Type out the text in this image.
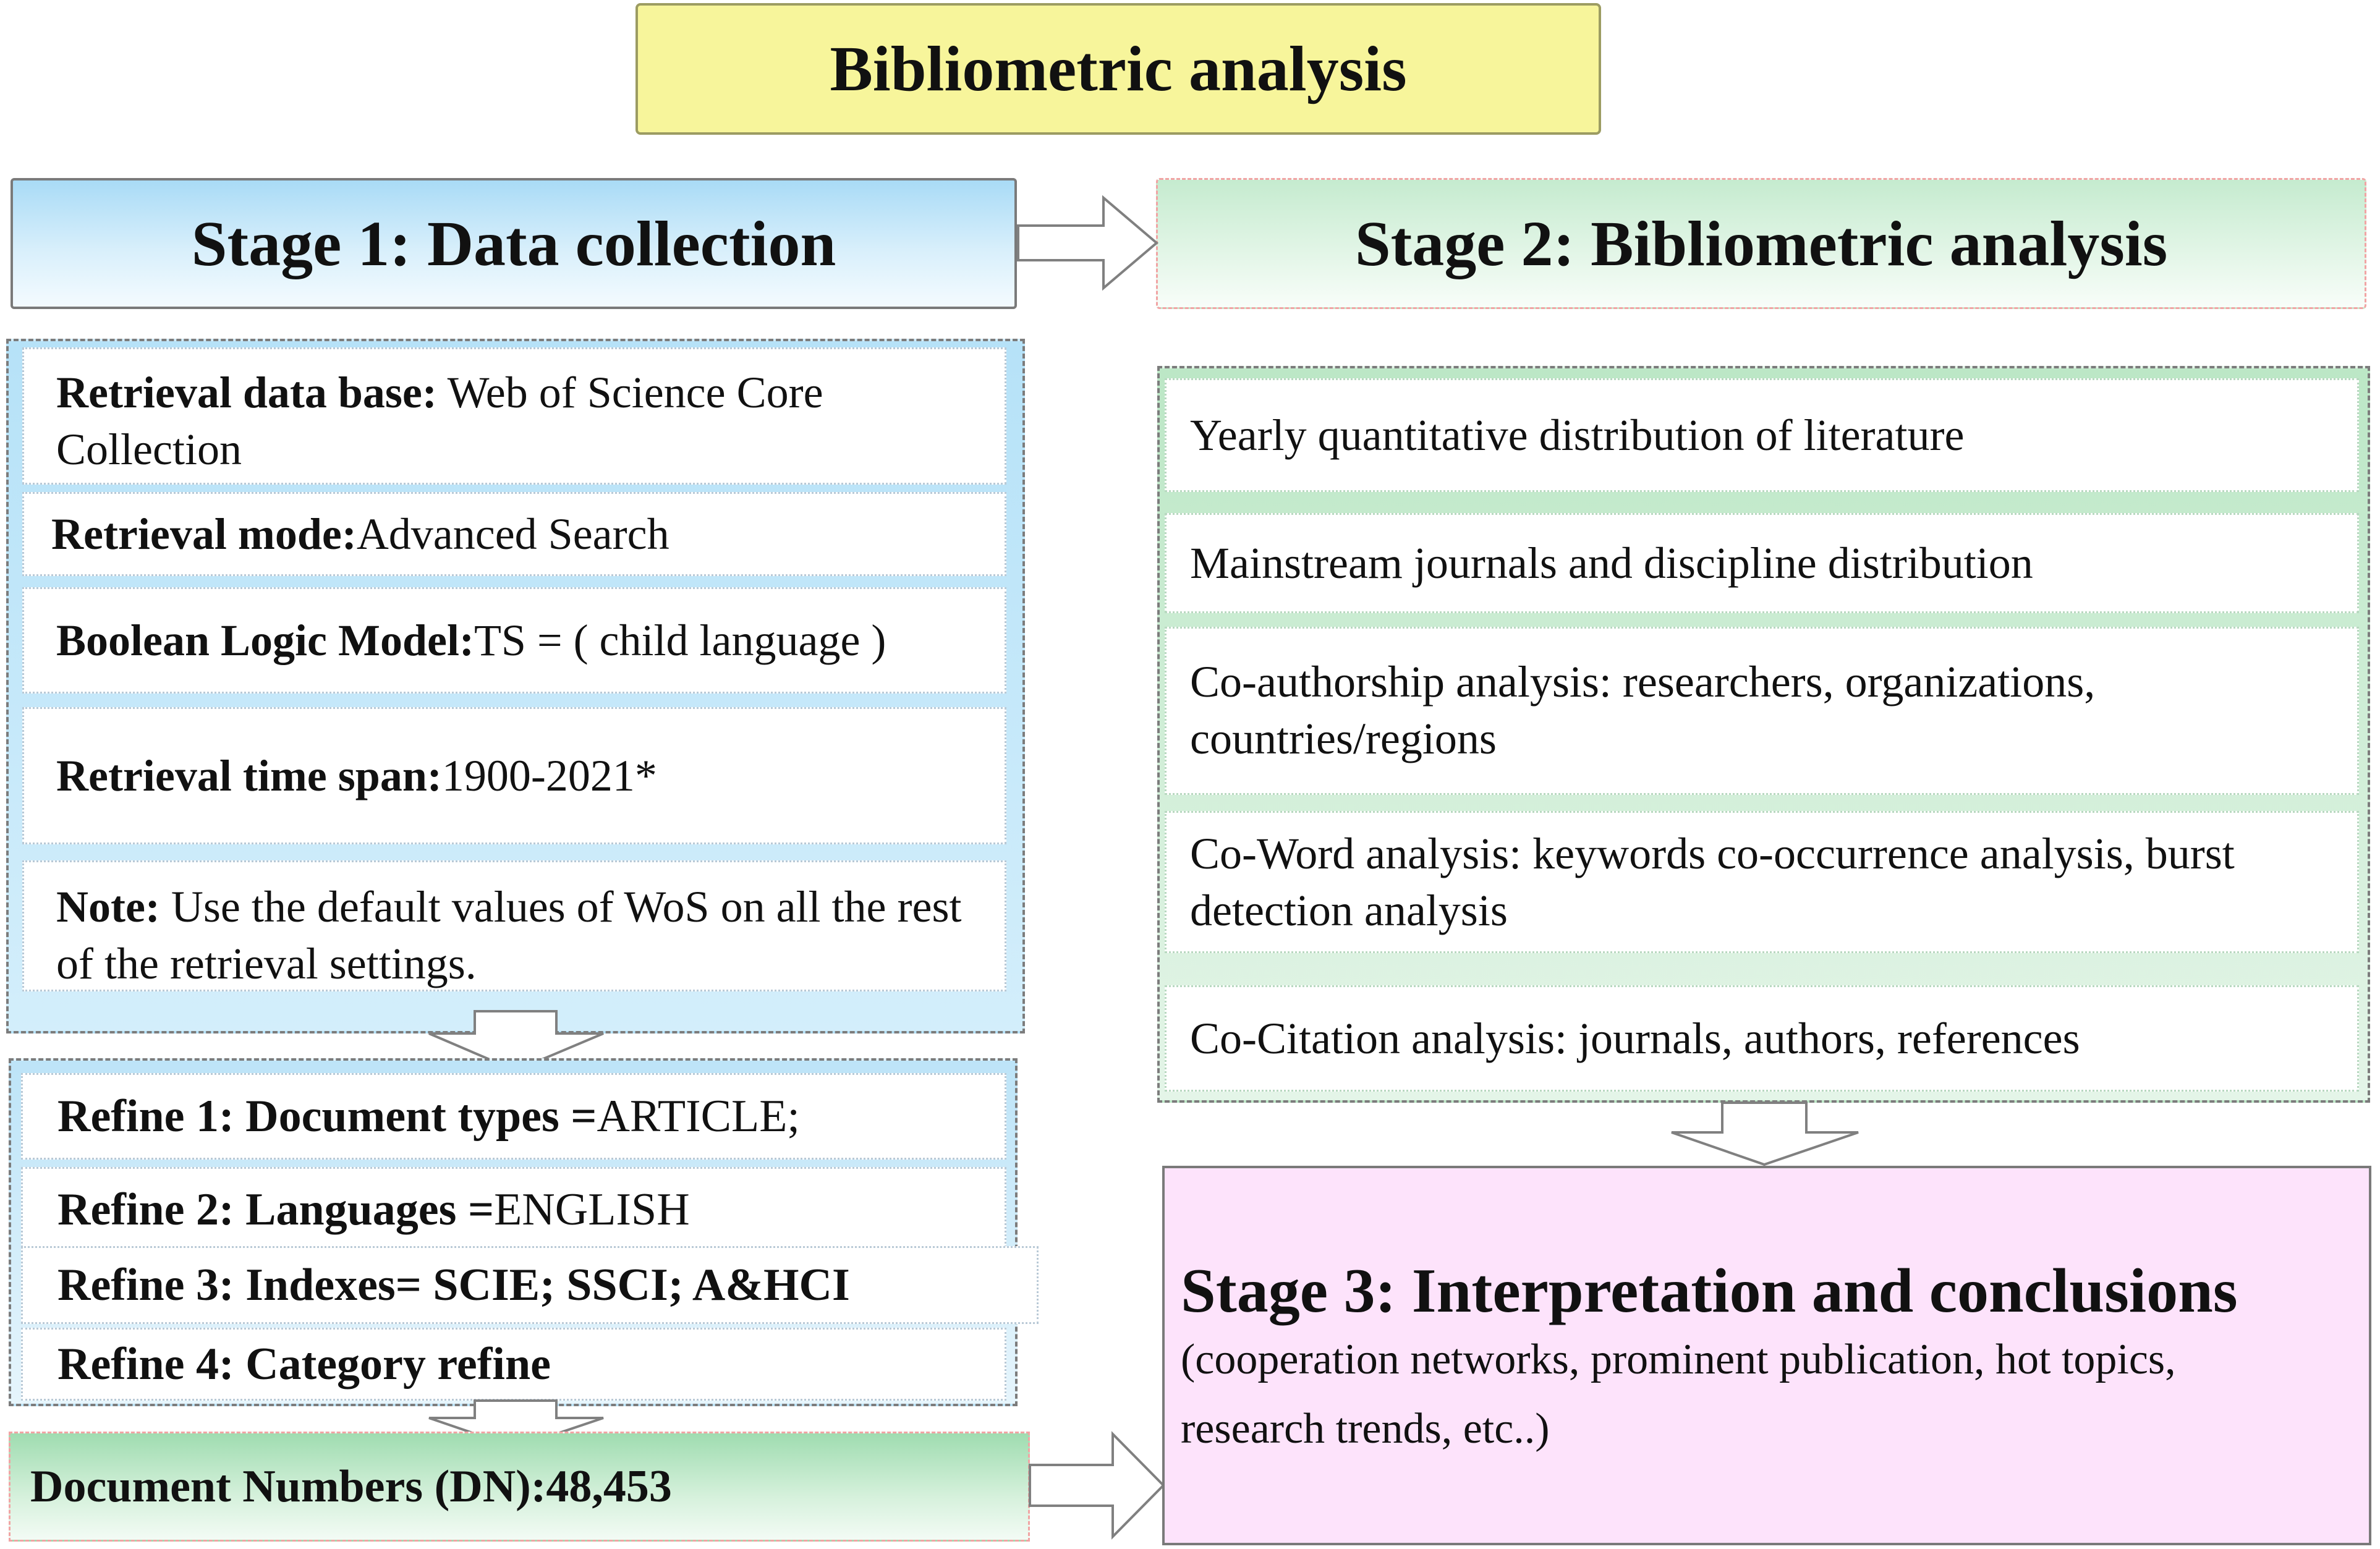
Bibliometric analysis
Stage 1: Data collection	Stage 2: Bibliometric analysis
Retrieval data base: Web of Science Core Collection
Retrieval mode: Advanced Search
Boolean Logic Model: TS = ( child language )
Retrieval time span: 1900-2021*
Note: Use the default values of WoS on all the rest of the retrieval settings.
Refine 1: Document types = ARTICLE;
Refine 2: Languages = ENGLISH
Refine 3: Indexes= SCIE; SSCI; A&HCI
Refine 4: Category refine
Document Numbers (DN):48,453
Yearly quantitative distribution of literature
Mainstream journals and discipline distribution
Co-authorship analysis: researchers, organizations, countries/regions
Co-Word analysis: keywords co-occurrence analysis, burst detection analysis
Co-Citation analysis: journals, authors, references
Stage 3: Interpretation and conclusions
(cooperation networks, prominent publication, hot topics,
research trends, etc..)
